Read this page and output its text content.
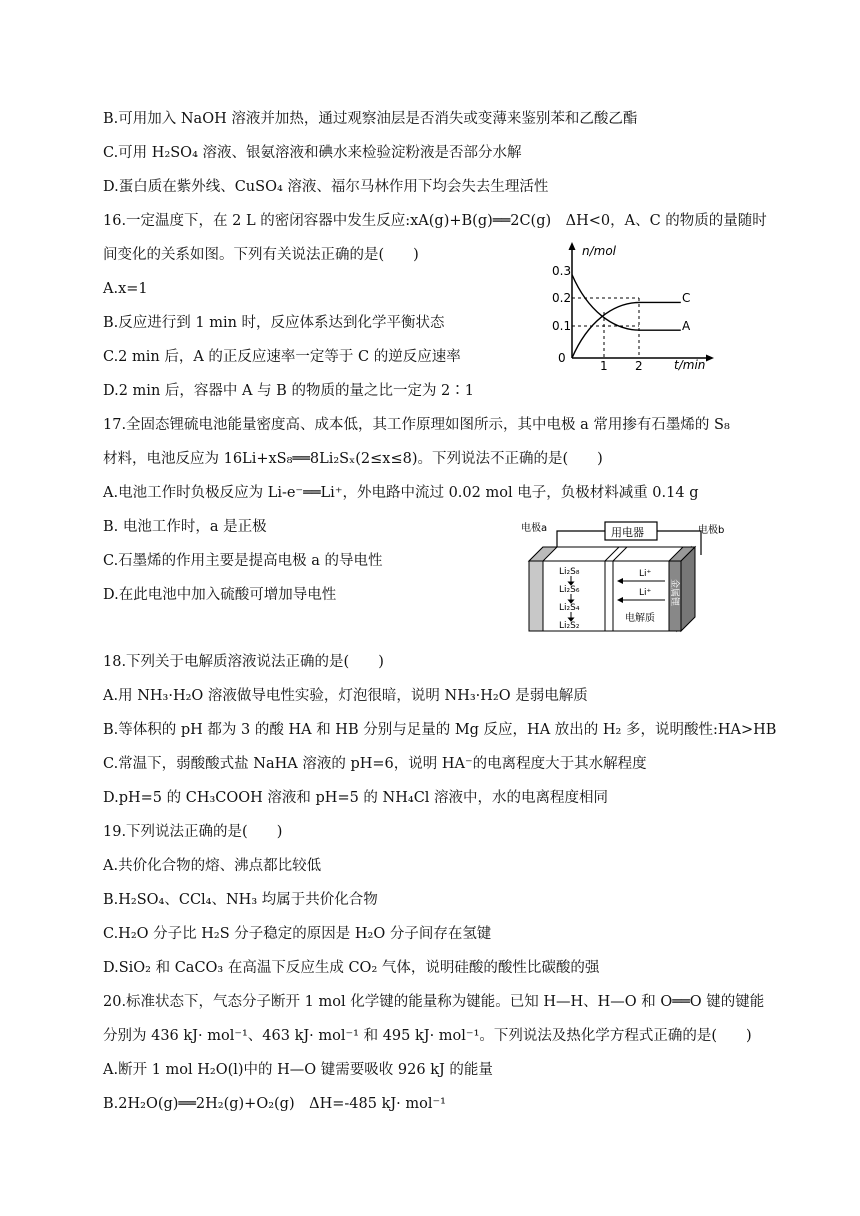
B.可用加入 NaOH 溶液并加热，通过观察油层是否消失或变薄来鉴别苯和乙酸乙酯
C.可用 H₂SO₄ 溶液、银氨溶液和碘水来检验淀粉液是否部分水解
D.蛋白质在紫外线、CuSO₄ 溶液、福尔马林作用下均会失去生理活性
16.一定温度下，在 2 L 的密闭容器中发生反应:xA(g)+B(g)══2C(g)　ΔH<0，A、C 的物质的量随时
间变化的关系如图。下列有关说法正确的是(　　)
A.x=1
B.反应进行到 1 min 时，反应体系达到化学平衡状态
C.2 min 后，A 的正反应速率一定等于 C 的逆反应速率
D.2 min 后，容器中 A 与 B 的物质的量之比一定为 2∶1
17.全固态锂硫电池能量密度高、成本低，其工作原理如图所示，其中电极 a 常用掺有石墨烯的 S₈
材料，电池反应为 16Li+xS₈══8Li₂Sₓ(2≤x≤8)。下列说法不正确的是(　　)
A.电池工作时负极反应为 Li-e⁻══Li⁺，外电路中流过 0.02 mol 电子，负极材料减重 0.14 g
B. 电池工作时，a 是正极
C.石墨烯的作用主要是提高电极 a 的导电性
D.在此电池中加入硫酸可增加导电性
18.下列关于电解质溶液说法正确的是(　　)
A.用 NH₃·H₂O 溶液做导电性实验，灯泡很暗，说明 NH₃·H₂O 是弱电解质
B.等体积的 pH 都为 3 的酸 HA 和 HB 分别与足量的 Mg 反应，HA 放出的 H₂ 多，说明酸性:HA>HB
C.常温下，弱酸酸式盐 NaHA 溶液的 pH=6，说明 HA⁻的电离程度大于其水解程度
D.pH=5 的 CH₃COOH 溶液和 pH=5 的 NH₄Cl 溶液中，水的电离程度相同
19.下列说法正确的是(　　)
A.共价化合物的熔、沸点都比较低
B.H₂SO₄、CCl₄、NH₃ 均属于共价化合物
C.H₂O 分子比 H₂S 分子稳定的原因是 H₂O 分子间存在氢键
D.SiO₂ 和 CaCO₃ 在高温下反应生成 CO₂ 气体，说明硅酸的酸性比碳酸的强
20.标准状态下，气态分子断开 1 mol 化学键的能量称为键能。已知 H—H、H—O 和 O══O 键的键能
分别为 436 kJ· mol⁻¹、463 kJ· mol⁻¹ 和 495 kJ· mol⁻¹。下列说法及热化学方程式正确的是(　　)
A.断开 1 mol H₂O(l)中的 H—O 键需要吸收 926 kJ 的能量
B.2H₂O(g)══2H₂(g)+O₂(g)　ΔH=-485 kJ· mol⁻¹
n/mol
t/min
0
0.3
0.2
0.1
1 2
C
A
用电器
电极a	电极b
Li₂S₈
Li₂S₆
Li₂S₄
Li₂S₂
Li⁺
Li⁺
电解质
金属锂
